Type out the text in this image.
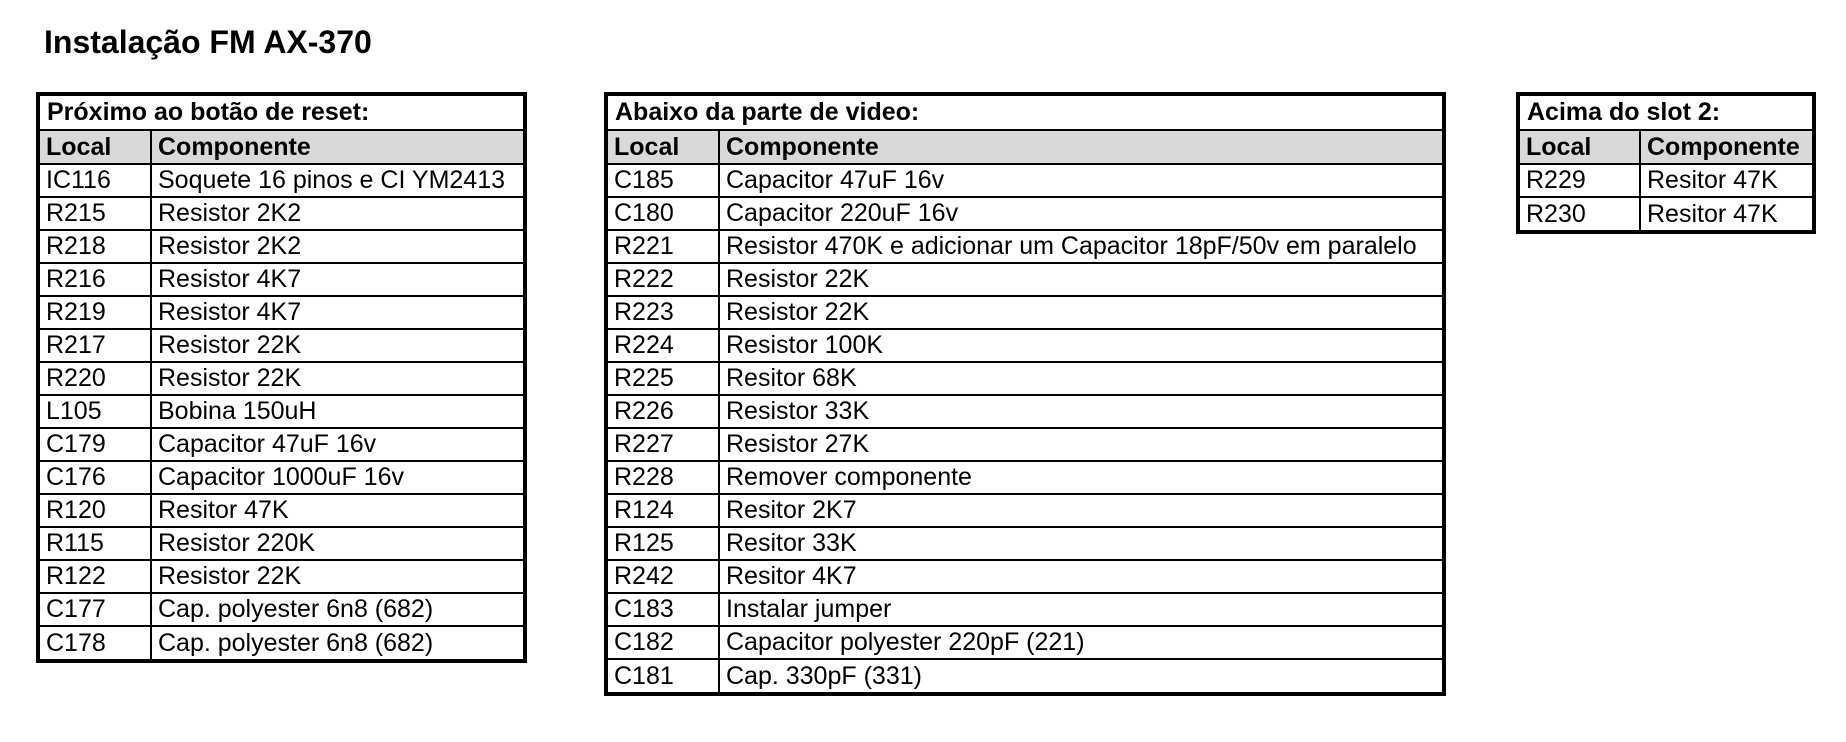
Instalação FM AX-370
Próximo ao botão de reset:
Local	Componente
IC116	Soquete 16 pinos e CI YM2413
R215	Resistor 2K2
R218	Resistor 2K2
R216	Resistor 4K7
R219	Resistor 4K7
R217	Resistor 22K
R220	Resistor 22K
L105	Bobina 150uH
C179	Capacitor 47uF 16v
C176	Capacitor 1000uF 16v
R120	Resitor 47K
R115	Resistor 220K
R122	Resistor 22K
C177	Cap. polyester 6n8 (682)
C178	Cap. polyester 6n8 (682)
Abaixo da parte de video:
Local	Componente
C185	Capacitor 47uF 16v
C180	Capacitor 220uF 16v
R221	Resistor 470K e adicionar um Capacitor 18pF/50v em paralelo
R222	Resistor 22K
R223	Resistor 22K
R224	Resistor 100K
R225	Resitor 68K
R226	Resistor 33K
R227	Resistor 27K
R228	Remover componente
R124	Resitor 2K7
R125	Resitor 33K
R242	Resitor 4K7
C183	Instalar jumper
C182	Capacitor polyester 220pF (221)
C181	Cap. 330pF (331)
Acima do slot 2:
Local	Componente
R229	Resitor 47K
R230	Resitor 47K
